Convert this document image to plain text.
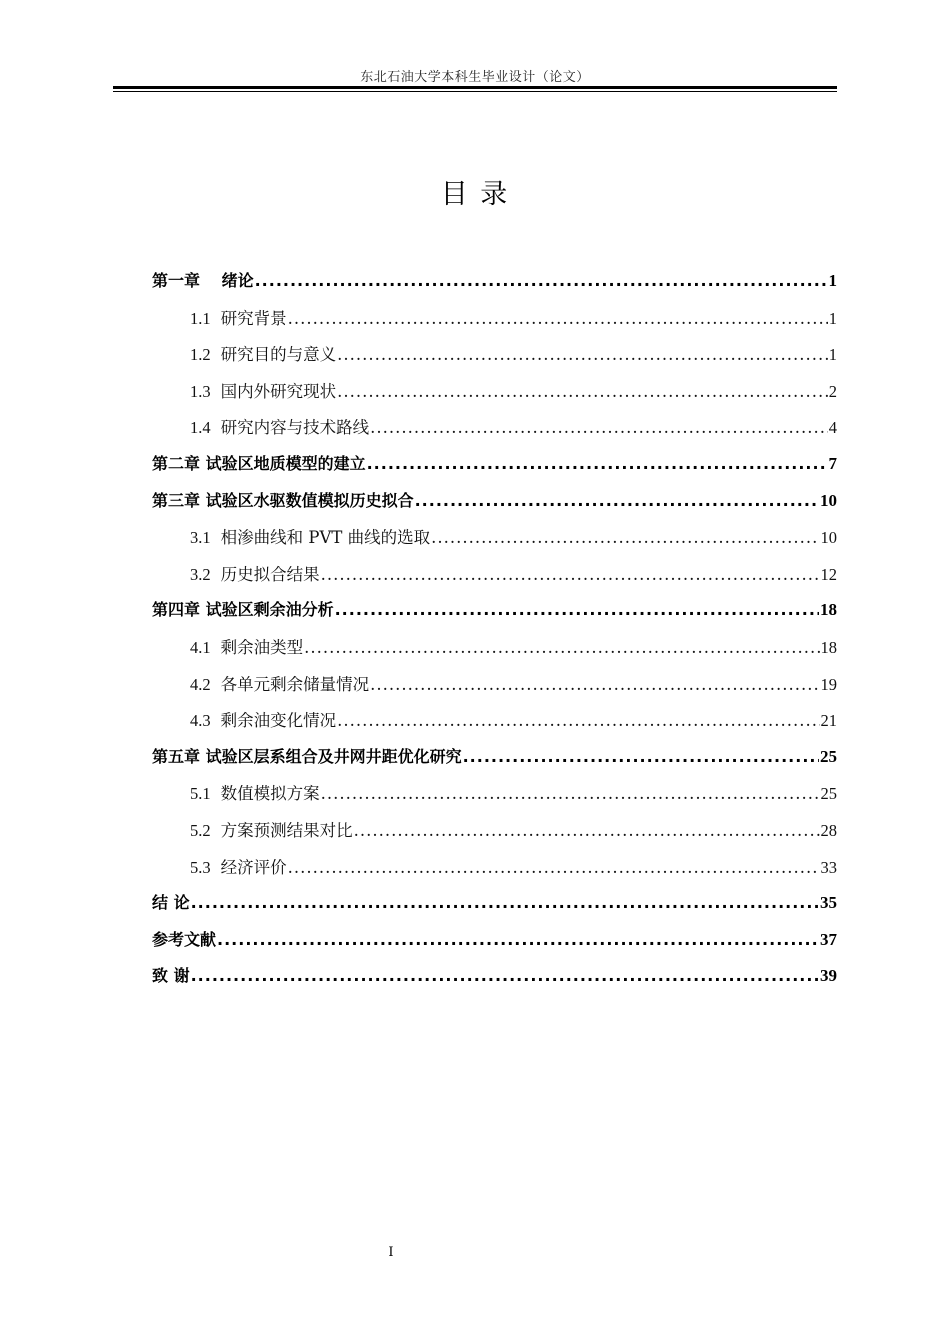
东北石油大学本科生毕业设计（论文）
目 录
第一章　 绪论 .....	1
1.1 研究背景 .....	1
1.2 研究目的与意义 .....	1
1.3 国内外研究现状 .....	2
1.4 研究内容与技术路线 .....	4
第二章 试验区地质模型的建立 .....	7
第三章 试验区水驱数值模拟历史拟合 .....	10
3.1 相渗曲线和 PVT 曲线的选取 .....	10
3.2 历史拟合结果 .....	12
第四章 试验区剩余油分析 .....	18
4.1 剩余油类型 .....	18
4.2 各单元剩余储量情况 .....	19
4.3 剩余油变化情况 .....	21
第五章 试验区层系组合及井网井距优化研究 .....	25
5.1 数值模拟方案 .....	25
5.2 方案预测结果对比 .....	28
5.3 经济评价 .....	33
结 论 .....	35
参考文献 .....	37
致 谢 .....	39
I
